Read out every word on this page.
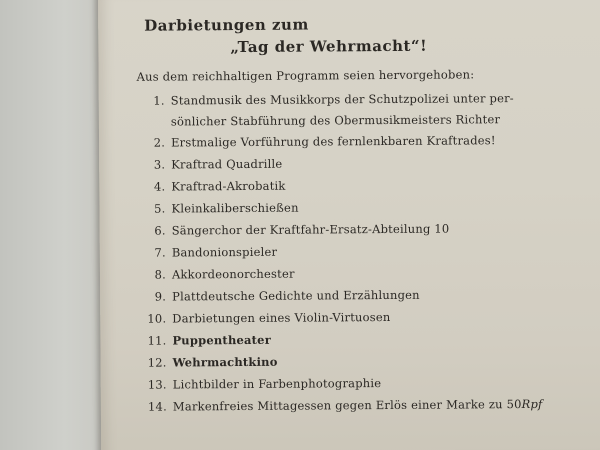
Darbietungen zum
„Tag der Wehrmacht“!
Aus dem reichhaltigen Programm seien hervorgehoben:
1. Standmusik des Musikkorps der Schutzpolizei unter per-
sönlicher Stabführung des Obermusikmeisters Richter
2. Erstmalige Vorführung des fernlenkbaren Kraftrades!
3. Kraftrad Quadrille
4. Kraftrad-Akrobatik
5. Kleinkaliberschießen
6. Sängerchor der Kraftfahr-Ersatz-Abteilung 10
7. Bandonionspieler
8. Akkordeonorchester
9. Plattdeutsche Gedichte und Erzählungen
10. Darbietungen eines Violin-Virtuosen
11. Puppentheater
12. Wehrmachtkino
13. Lichtbilder in Farbenphotographie
14. Markenfreies Mittagessen gegen Erlös einer Marke zu 50Rpf
